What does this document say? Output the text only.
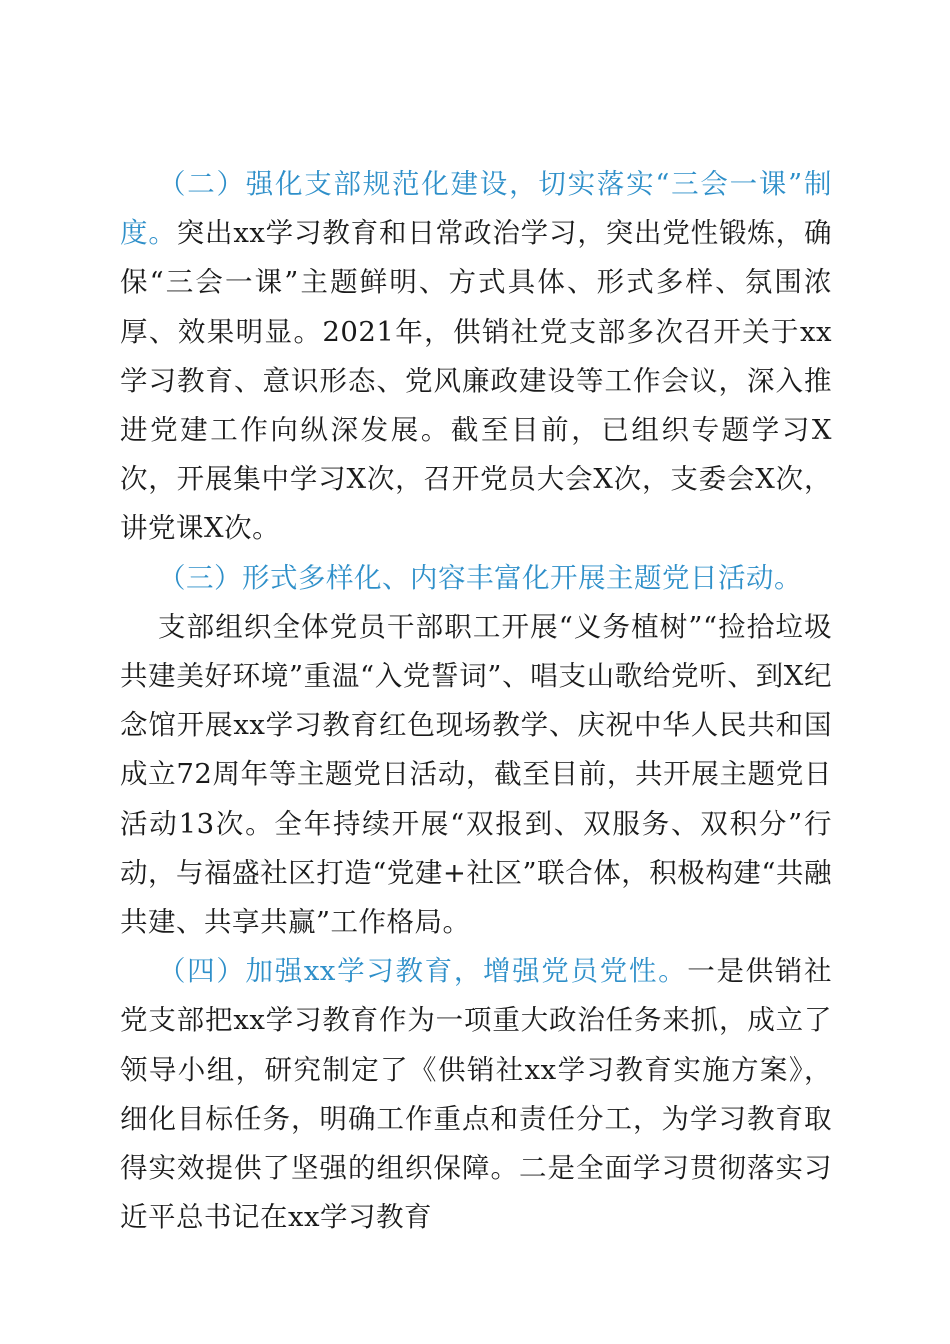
（二）强化支部规范化建设，切实落实“三会一课”制度。突出xx学习教育和日常政治学习，突出党性锻炼，确保“三会一课”主题鲜明、方式具体、形式多样、氛围浓厚、效果明显。2021年，供销社党支部多次召开关于xx学习教育、意识形态、党风廉政建设等工作会议，深入推进党建工作向纵深发展。截至目前，已组织专题学习X次，开展集中学习X次，召开党员大会X次，支委会X次，讲党课X次。

（三）形式多样化、内容丰富化开展主题党日活动。

支部组织全体党员干部职工开展“义务植树”“捡拾垃圾共建美好环境”重温“入党誓词”、唱支山歌给党听、到X纪念馆开展xx学习教育红色现场教学、庆祝中华人民共和国成立72周年等主题党日活动，截至目前，共开展主题党日活动13次。全年持续开展“双报到、双服务、双积分”行动，与福盛社区打造“党建+社区”联合体，积极构建“共融共建、共享共赢”工作格局。

（四）加强xx学习教育，增强党员党性。一是供销社党支部把xx学习教育作为一项重大政治任务来抓，成立了领导小组，研究制定了《供销社xx学习教育实施方案》，细化目标任务，明确工作重点和责任分工，为学习教育取得实效提供了坚强的组织保障。二是全面学习贯彻落实习近平总书记在xx学习教育
